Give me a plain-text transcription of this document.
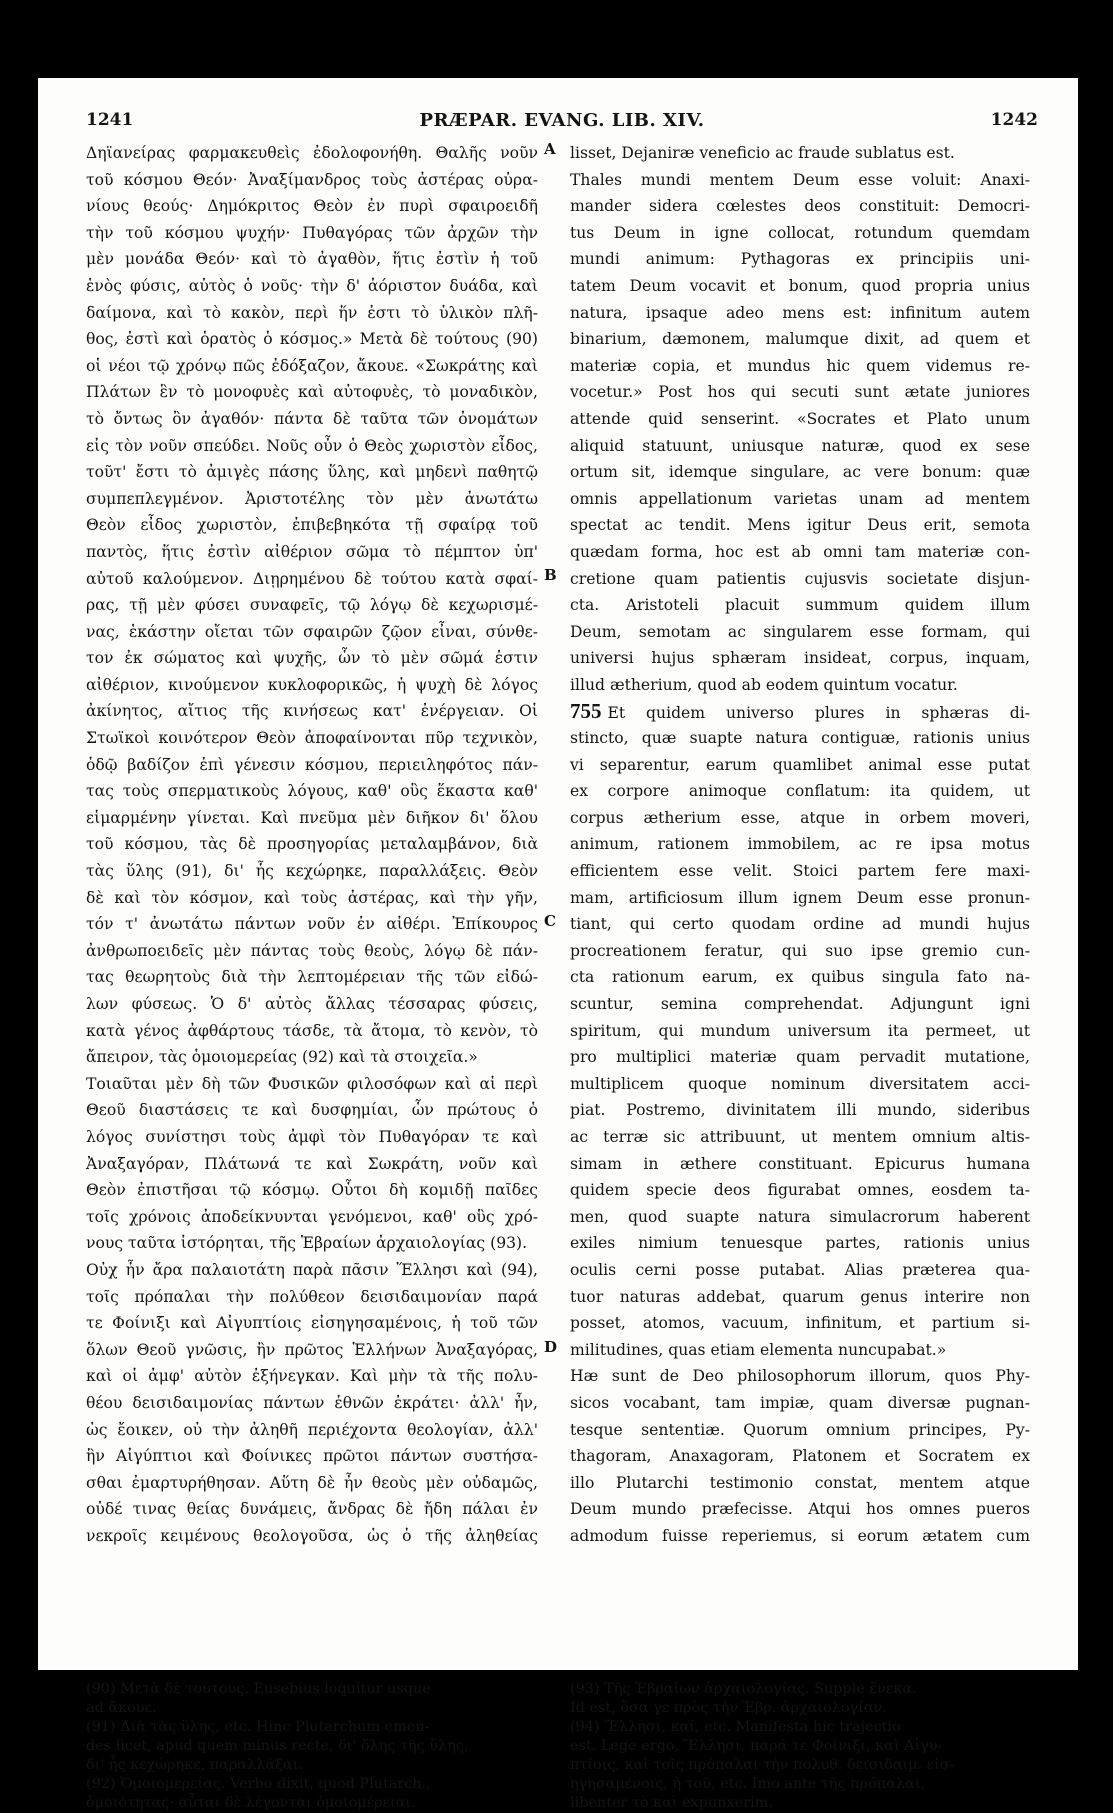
1241	PRÆPAR. EVANG. LIB. XIV.	1242
Δηϊανείρας φαρμακευθεὶς ἐδολοφονήθη. Θαλῆς νοῦν
τοῦ κόσμου Θεόν· Ἀναξίμανδρος τοὺς ἀστέρας οὐρα-
νίους θεούς· Δημόκριτος Θεὸν ἐν πυρὶ σφαιροειδῆ
τὴν τοῦ κόσμου ψυχήν· Πυθαγόρας τῶν ἀρχῶν τὴν
μὲν μονάδα Θεόν· καὶ τὸ ἀγαθὸν, ἥτις ἐστὶν ἡ τοῦ
ἑνὸς φύσις, αὐτὸς ὁ νοῦς· τὴν δ' ἀόριστον δυάδα, καὶ
δαίμονα, καὶ τὸ κακὸν, περὶ ἥν ἐστι τὸ ὑλικὸν πλῆ-
θος, ἐστὶ καὶ ὁρατὸς ὁ κόσμος.» Μετὰ δὲ τούτους (90)
οἱ νέοι τῷ χρόνῳ πῶς ἐδόξαζον, ἄκουε. «Σωκράτης καὶ
Πλάτων ἓν τὸ μονοφυὲς καὶ αὐτοφυὲς, τὸ μοναδικὸν,
τὸ ὄντως ὂν ἀγαθόν· πάντα δὲ ταῦτα τῶν ὀνομάτων
εἰς τὸν νοῦν σπεύδει. Νοῦς οὖν ὁ Θεὸς χωριστὸν εἶδος,
τοῦτ' ἔστι τὸ ἀμιγὲς πάσης ὕλης, καὶ μηδενὶ παθητῷ
συμπεπλεγμένον. Ἀριστοτέλης τὸν μὲν ἀνωτάτω
Θεὸν εἶδος χωριστὸν, ἐπιβεβηκότα τῇ σφαίρᾳ τοῦ
παντὸς, ἥτις ἐστὶν αἰθέριον σῶμα τὸ πέμπτον ὑπ'
αὐτοῦ καλούμενον. Διῃρημένου δὲ τούτου κατὰ σφαί-
ρας, τῇ μὲν φύσει συναφεῖς, τῷ λόγῳ δὲ κεχωρισμέ-
νας, ἑκάστην οἴεται τῶν σφαιρῶν ζῷον εἶναι, σύνθε-
τον ἐκ σώματος καὶ ψυχῆς, ὧν τὸ μὲν σῶμά ἐστιν
αἰθέριον, κινούμενον κυκλοφορικῶς, ἡ ψυχὴ δὲ λόγος
ἀκίνητος, αἴτιος τῆς κινήσεως κατ' ἐνέργειαν. Οἱ
Στωϊκοὶ κοινότερον Θεὸν ἀποφαίνονται πῦρ τεχνικὸν,
ὁδῷ βαδίζον ἐπὶ γένεσιν κόσμου, περιειληφότος πάν-
τας τοὺς σπερματικοὺς λόγους, καθ' οὓς ἕκαστα καθ'
εἱμαρμένην γίνεται. Καὶ πνεῦμα μὲν διῆκον δι' ὅλου
τοῦ κόσμου, τὰς δὲ προσηγορίας μεταλαμβάνον, διὰ
τὰς ὕλης (91), δι' ἧς κεχώρηκε, παραλλάξεις. Θεὸν
δὲ καὶ τὸν κόσμον, καὶ τοὺς ἀστέρας, καὶ τὴν γῆν,
τόν τ' ἀνωτάτω πάντων νοῦν ἐν αἰθέρι. Ἐπίκουρος
ἀνθρωποειδεῖς μὲν πάντας τοὺς θεοὺς, λόγῳ δὲ πάν-
τας θεωρητοὺς διὰ τὴν λεπτομέρειαν τῆς τῶν εἰδώ-
λων φύσεως. Ὁ δ' αὐτὸς ἄλλας τέσσαρας φύσεις,
κατὰ γένος ἀφθάρτους τάσδε, τὰ ἄτομα, τὸ κενὸν, τὸ
ἄπειρον, τὰς ὁμοιομερείας (92) καὶ τὰ στοιχεῖα.»
Τοιαῦται μὲν δὴ τῶν Φυσικῶν φιλοσόφων καὶ αἱ περὶ
Θεοῦ διαστάσεις τε καὶ δυσφημίαι, ὧν πρώτους ὁ
λόγος συνίστησι τοὺς ἀμφὶ τὸν Πυθαγόραν τε καὶ
Ἀναξαγόραν, Πλάτωνά τε καὶ Σωκράτη, νοῦν καὶ
Θεὸν ἐπιστῆσαι τῷ κόσμῳ. Οὗτοι δὴ κομιδῇ παῖδες
τοῖς χρόνοις ἀποδείκνυνται γενόμενοι, καθ' οὓς χρό-
νους ταῦτα ἱστόρηται, τῆς Ἑβραίων ἀρχαιολογίας (93).
Οὐχ ἦν ἄρα παλαιοτάτη παρὰ πᾶσιν Ἕλλησι καὶ (94),
τοῖς πρόπαλαι τὴν πολύθεον δεισιδαιμονίαν παρά
τε Φοίνιξι καὶ Αἰγυπτίοις εἰσηγησαμένοις, ἡ τοῦ τῶν
ὅλων Θεοῦ γνῶσις, ἣν πρῶτος Ἑλλήνων Ἀναξαγόρας,
καὶ οἱ ἀμφ' αὐτὸν ἐξήνεγκαν. Καὶ μὴν τὰ τῆς πολυ-
θέου δεισιδαιμονίας πάντων ἐθνῶν ἐκράτει· ἀλλ' ἦν,
ὡς ἔοικεν, οὐ τὴν ἀληθῆ περιέχοντα θεολογίαν, ἀλλ'
ἣν Αἰγύπτιοι καὶ Φοίνικες πρῶτοι πάντων συστήσα-
σθαι ἐμαρτυρήθησαν. Αὕτη δὲ ἦν θεοὺς μὲν οὐδαμῶς,
οὐδέ τινας θείας δυνάμεις, ἄνδρας δὲ ἤδη πάλαι ἐν
νεκροῖς κειμένους θεολογοῦσα, ὡς ὁ τῆς ἀληθείας
lisset, Dejaniræ veneficio ac fraude sublatus est.
Thales mundi mentem Deum esse voluit: Anaxi-
mander sidera cœlestes deos constituit: Democri-
tus Deum in igne collocat, rotundum quemdam
mundi animum: Pythagoras ex principiis uni-
tatem Deum vocavit et bonum, quod propria unius
natura, ipsaque adeo mens est: infinitum autem
binarium, dæmonem, malumque dixit, ad quem et
materiæ copia, et mundus hic quem videmus re-
vocetur.» Post hos qui secuti sunt ætate juniores
attende quid senserint. «Socrates et Plato unum
aliquid statuunt, uniusque naturæ, quod ex sese
ortum sit, idemque singulare, ac vere bonum: quæ
omnis appellationum varietas unam ad mentem
spectat ac tendit. Mens igitur Deus erit, semota
quædam forma, hoc est ab omni tam materiæ con-
cretione quam patientis cujusvis societate disjun-
cta. Aristoteli placuit summum quidem illum
Deum, semotam ac singularem esse formam, qui
universi hujus sphæram insideat, corpus, inquam,
illud ætherium, quod ab eodem quintum vocatur.
755 Et quidem universo plures in sphæras di-
stincto, quæ suapte natura contiguæ, rationis unius
vi separentur, earum quamlibet animal esse putat
ex corpore animoque conflatum: ita quidem, ut
corpus ætherium esse, atque in orbem moveri,
animum, rationem immobilem, ac re ipsa motus
efficientem esse velit. Stoici partem fere maxi-
mam, artificiosum illum ignem Deum esse pronun-
tiant, qui certo quodam ordine ad mundi hujus
procreationem feratur, qui suo ipse gremio cun-
cta rationum earum, ex quibus singula fato na-
scuntur, semina comprehendat. Adjungunt igni
spiritum, qui mundum universum ita permeet, ut
pro multiplici materiæ quam pervadit mutatione,
multiplicem quoque nominum diversitatem acci-
piat. Postremo, divinitatem illi mundo, sideribus
ac terræ sic attribuunt, ut mentem omnium altis-
simam in æthere constituant. Epicurus humana
quidem specie deos figurabat omnes, eosdem ta-
men, quod suapte natura simulacrorum haberent
exiles nimium tenuesque partes, rationis unius
oculis cerni posse putabat. Alias præterea qua-
tuor naturas addebat, quarum genus interire non
posset, atomos, vacuum, infinitum, et partium si-
militudines, quas etiam elementa nuncupabat.»
Hæ sunt de Deo philosophorum illorum, quos Phy-
sicos vocabant, tam impiæ, quam diversæ pugnan-
tesque sententiæ. Quorum omnium principes, Py-
thagoram, Anaxagoram, Platonem et Socratem ex
illo Plutarchi testimonio constat, mentem atque
Deum mundo præfecisse. Atqui hos omnes pueros
admodum fuisse reperiemus, si eorum ætatem cum
A
B
C
D
(90) Μετὰ δὲ τούτους. Eusebius loquitur usque
ad ἄκουε.
(91) Διὰ τὰς ὕλης, etc. Hinc Plutarchum emen-
des licet, apud quem minus recte, δι' ὅλης τῆς ὕλης,
δι' ἧς κεχώρηκε, παραλλάξαι.
(92) Ὁμοιομερείας. Verbo dixit, quod Plutarch.,
ὁμοιότητας· αὗται δὲ λέγονται ὁμοιομέρειαι.
(93) Τῆς Ἑβραίων ἀρχαιολογίας. Supple ἕνεκα.
Id est, ὅσα γε πρὸς τὴν Ἑβρ. ἀρχαιολογίαν.
(94) Ἕλλησι, καί, etc. Manifesta hic trajectio
est. Lege ergo, Ἕλλησι, παρά τε Φοίνιξι, καὶ Αἰγυ-
πτίοις, καὶ τοῖς πρόπαλαι τὴν πολυθ. δεισιδαιμ. εἰσ-
ηγησαμένοις, ἡ τοῦ, etc. Imo ante τῆς πρόπαλαι,
libenter τὸ καὶ expunxerim.
